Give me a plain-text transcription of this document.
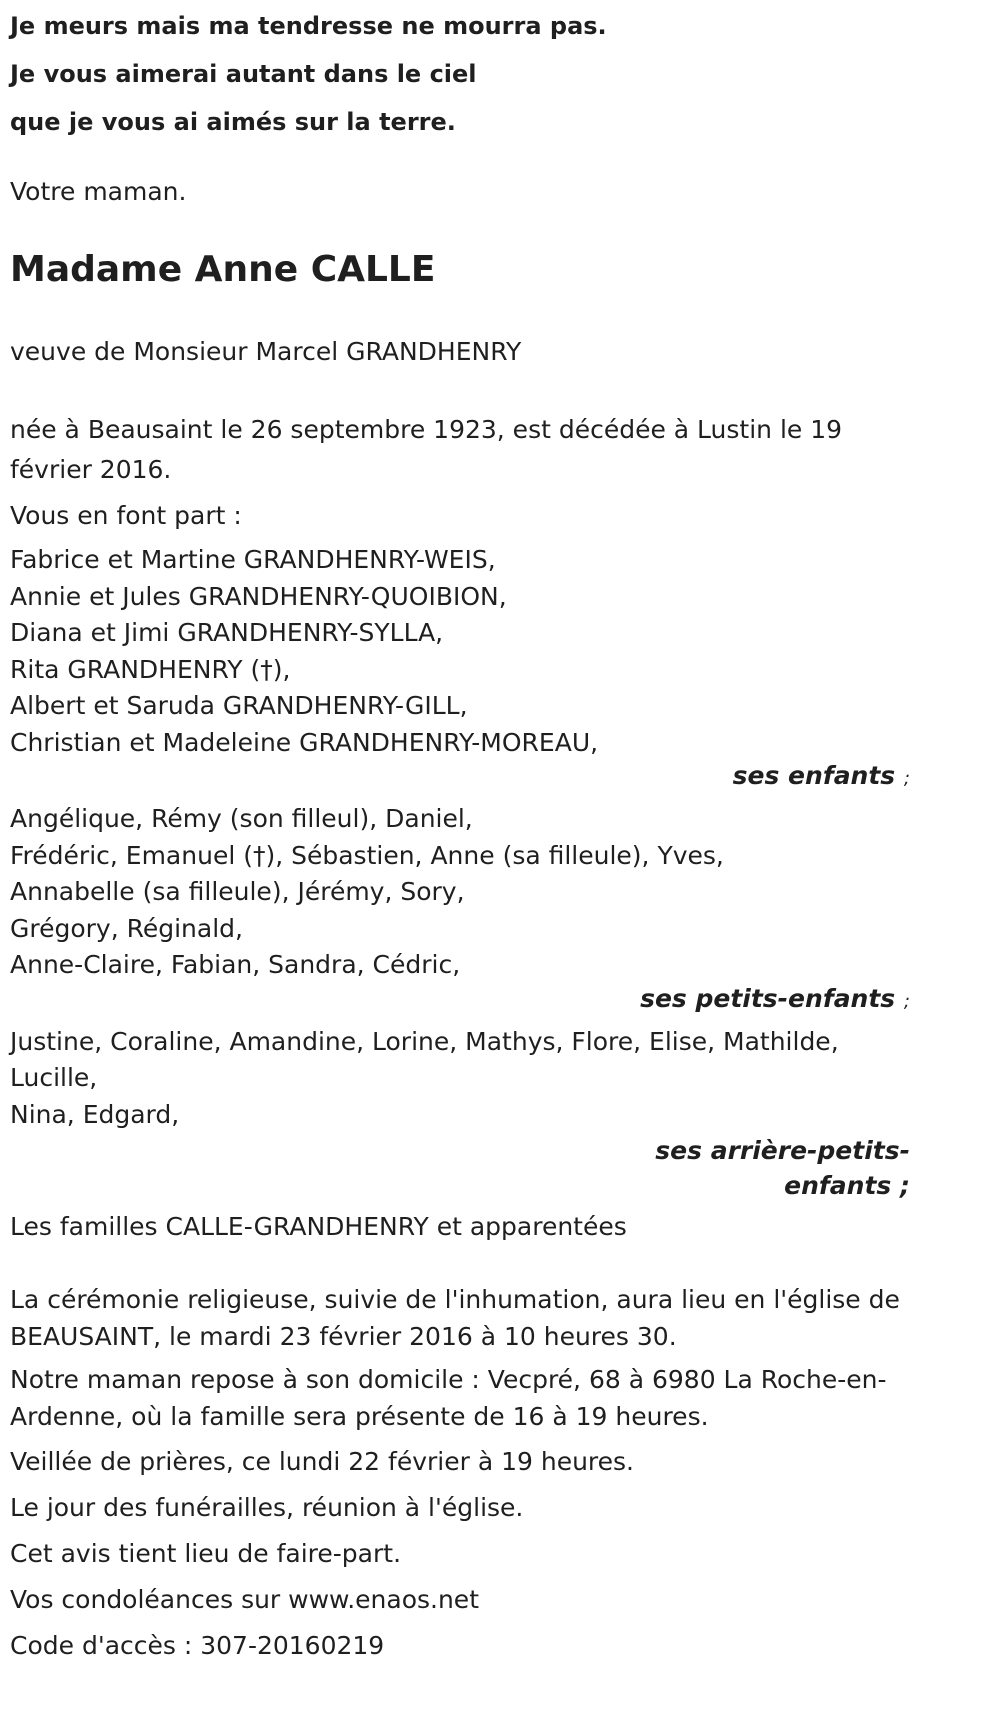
Je meurs mais ma tendresse ne mourra pas.
Je vous aimerai autant dans le ciel
que je vous ai aimés sur la terre.

Votre maman.

Madame Anne CALLE

veuve de Monsieur Marcel GRANDHENRY

née à Beausaint le 26 septembre 1923, est décédée à Lustin le 19 février 2016.

Vous en font part :

Fabrice et Martine GRANDHENRY-WEIS,
Annie et Jules GRANDHENRY-QUOIBION,
Diana et Jimi GRANDHENRY-SYLLA,
Rita GRANDHENRY (†),
Albert et Saruda GRANDHENRY-GILL,
Christian et Madeleine GRANDHENRY-MOREAU,
ses enfants ;
Angélique, Rémy (son filleul), Daniel,
Frédéric, Emanuel (†), Sébastien, Anne (sa filleule), Yves,
Annabelle (sa filleule), Jérémy, Sory,
Grégory, Réginald,
Anne-Claire, Fabian, Sandra, Cédric,
ses petits-enfants ;
Justine, Coraline, Amandine, Lorine, Mathys, Flore, Elise, Mathilde, Lucille,
Nina, Edgard,
ses arrière-petits-
enfants ;

Les familles CALLE-GRANDHENRY et apparentées

La cérémonie religieuse, suivie de l'inhumation, aura lieu en l'église de BEAUSAINT, le mardi 23 février 2016 à 10 heures 30.

Notre maman repose à son domicile : Vecpré, 68 à 6980 La Roche-en-Ardenne, où la famille sera présente de 16 à 19 heures.

Veillée de prières, ce lundi 22 février à 19 heures.

Le jour des funérailles, réunion à l'église.

Cet avis tient lieu de faire-part.

Vos condoléances sur www.enaos.net

Code d'accès : 307-20160219
